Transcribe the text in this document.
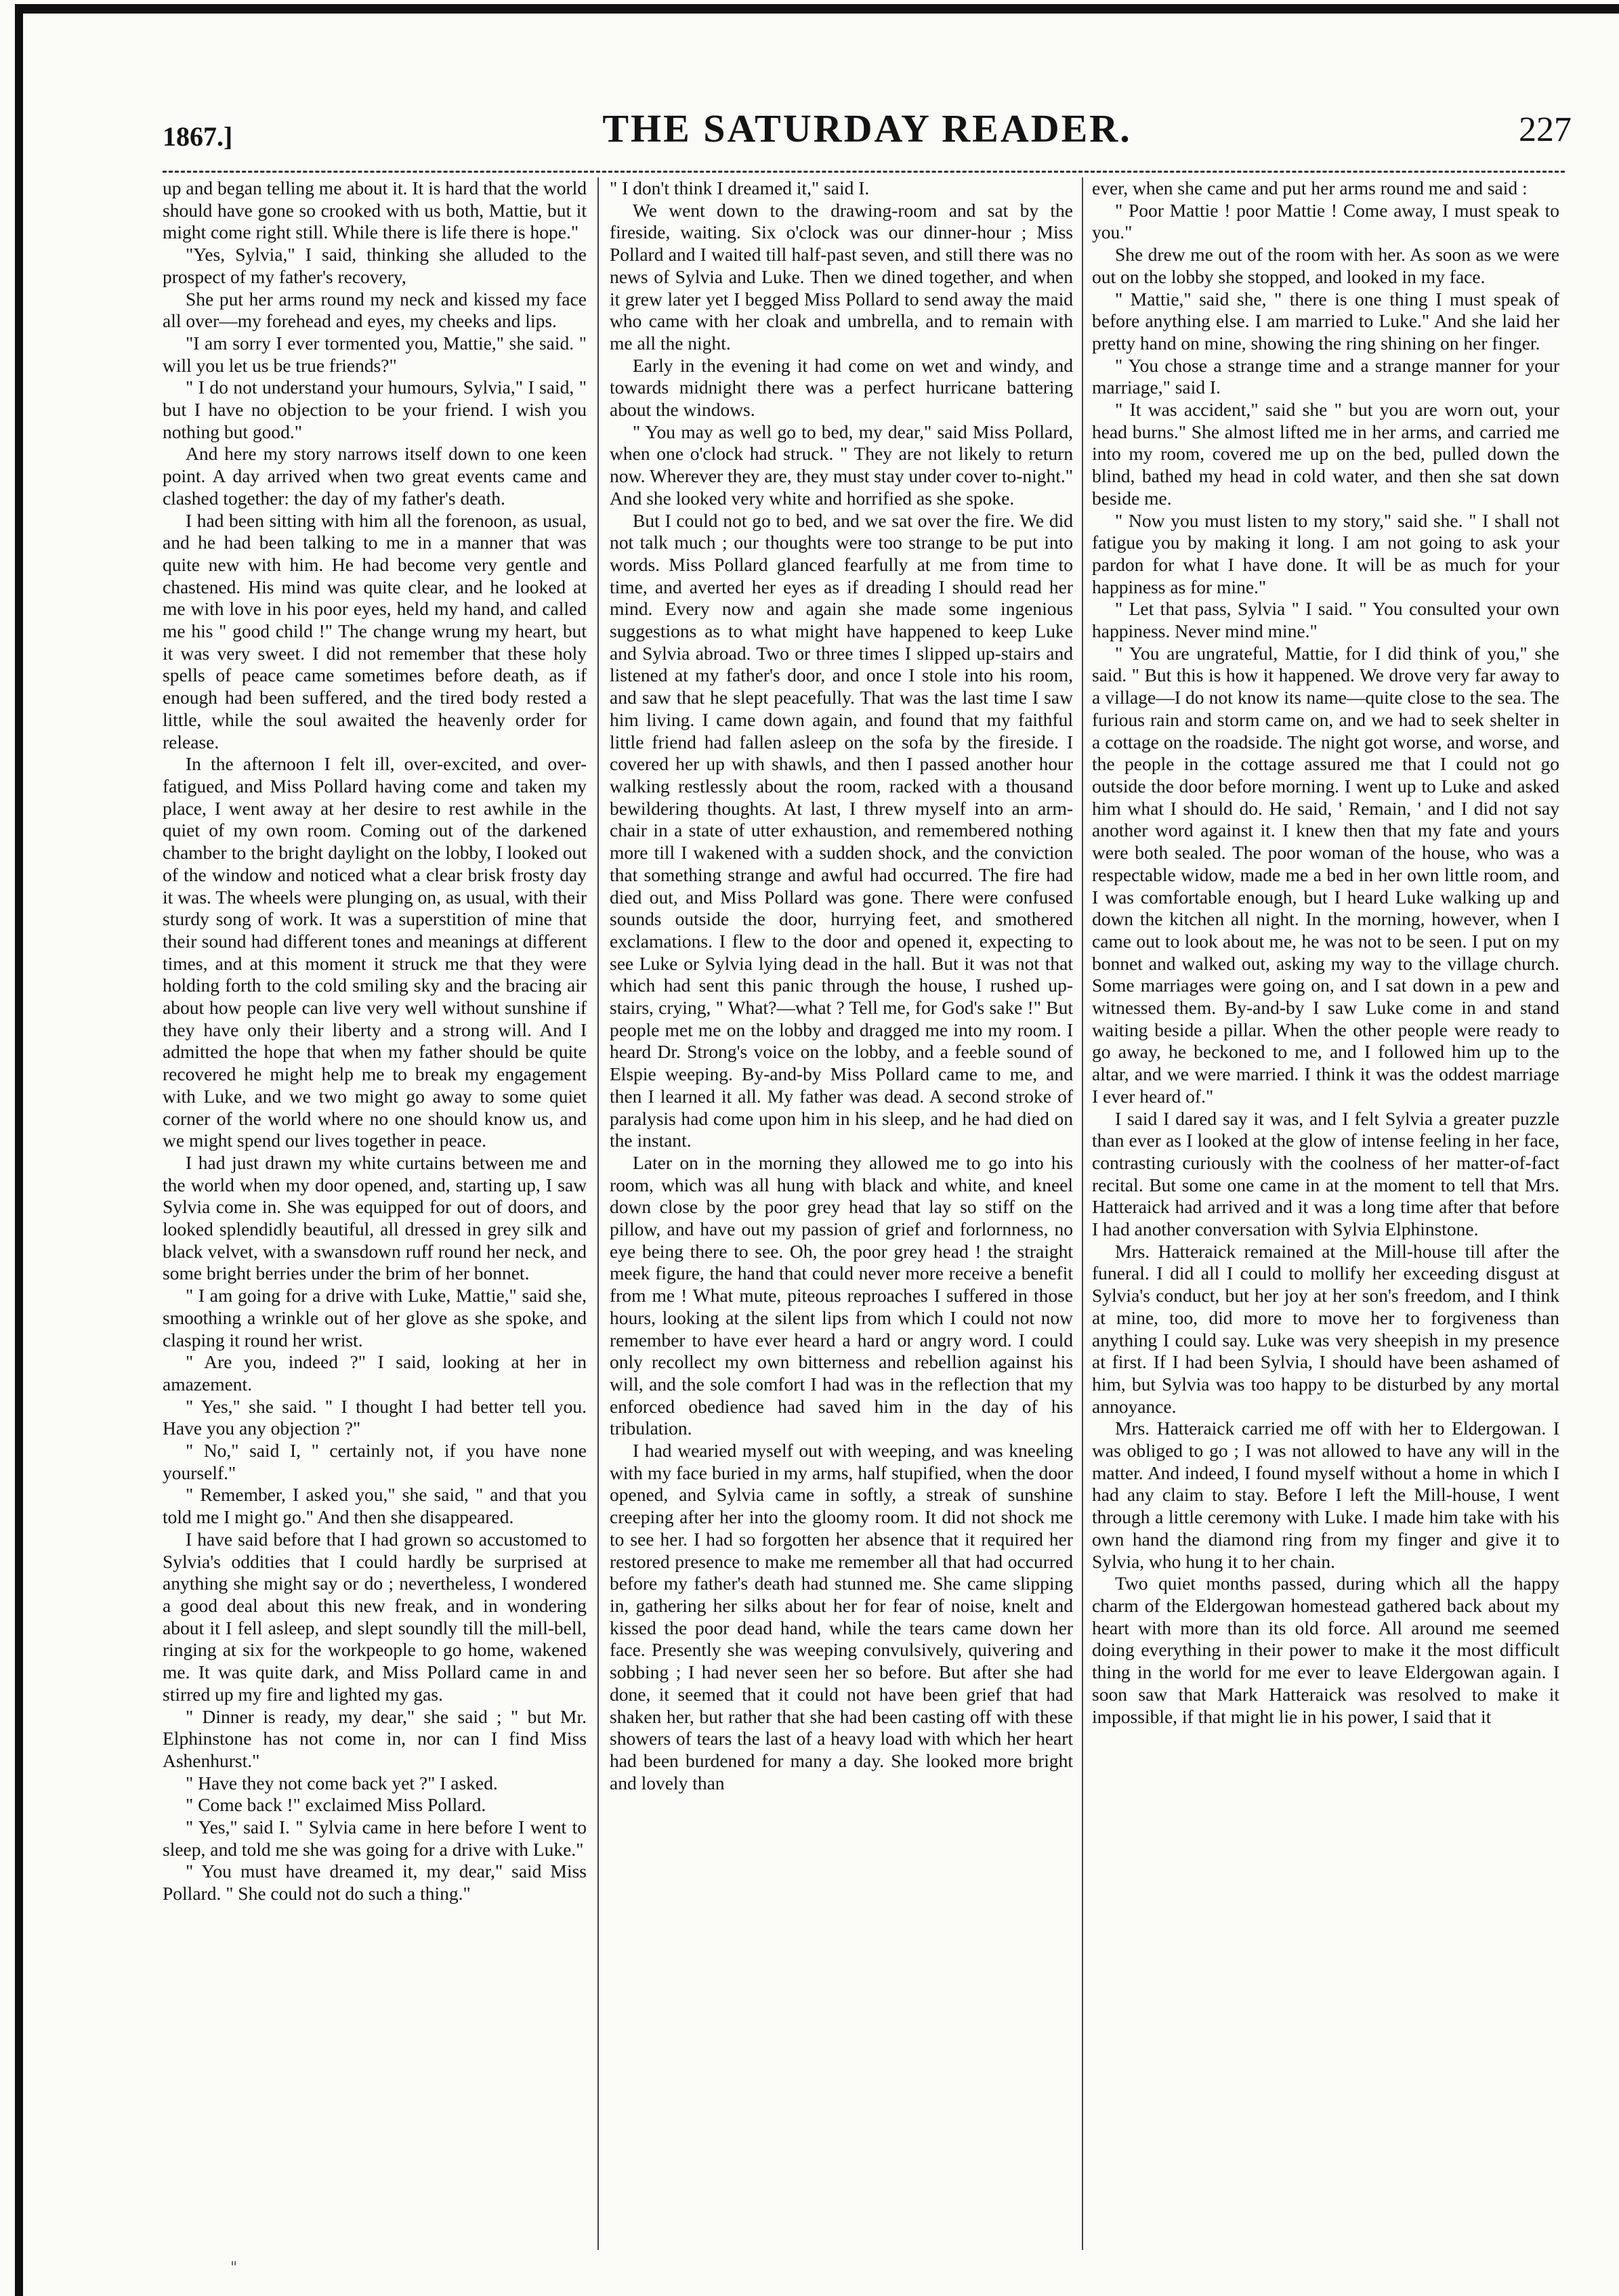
1867.]	THE SATURDAY READER.	227

up and began telling me about it. It is hard that the world should have gone so crooked with us both, Mattie, but it might come right still. While there is life there is hope."

"Yes, Sylvia," I said, thinking she alluded to the prospect of my father's recovery,

She put her arms round my neck and kissed my face all over—my forehead and eyes, my cheeks and lips.

"I am sorry I ever tormented you, Mattie," she said. " will you let us be true friends?"

" I do not understand your humours, Sylvia," I said, " but I have no objection to be your friend. I wish you nothing but good."

And here my story narrows itself down to one keen point. A day arrived when two great events came and clashed together: the day of my father's death.

I had been sitting with him all the forenoon, as usual, and he had been talking to me in a manner that was quite new with him. He had become very gentle and chastened. His mind was quite clear, and he looked at me with love in his poor eyes, held my hand, and called me his " good child !" The change wrung my heart, but it was very sweet. I did not remember that these holy spells of peace came sometimes before death, as if enough had been suffered, and the tired body rested a little, while the soul awaited the heavenly order for release.

In the afternoon I felt ill, over-excited, and over-fatigued, and Miss Pollard having come and taken my place, I went away at her desire to rest awhile in the quiet of my own room. Coming out of the darkened chamber to the bright daylight on the lobby, I looked out of the window and noticed what a clear brisk frosty day it was. The wheels were plunging on, as usual, with their sturdy song of work. It was a superstition of mine that their sound had different tones and meanings at different times, and at this moment it struck me that they were holding forth to the cold smiling sky and the bracing air about how people can live very well without sunshine if they have only their liberty and a strong will. And I admitted the hope that when my father should be quite recovered he might help me to break my engagement with Luke, and we two might go away to some quiet corner of the world where no one should know us, and we might spend our lives together in peace.

I had just drawn my white curtains between me and the world when my door opened, and, starting up, I saw Sylvia come in. She was equipped for out of doors, and looked splendidly beautiful, all dressed in grey silk and black velvet, with a swansdown ruff round her neck, and some bright berries under the brim of her bonnet.

" I am going for a drive with Luke, Mattie," said she, smoothing a wrinkle out of her glove as she spoke, and clasping it round her wrist.

" Are you, indeed ?" I said, looking at her in amazement.

" Yes," she said. " I thought I had better tell you. Have you any objection ?"

" No," said I, " certainly not, if you have none yourself."

" Remember, I asked you," she said, " and that you told me I might go." And then she disappeared.

I have said before that I had grown so accustomed to Sylvia's oddities that I could hardly be surprised at anything she might say or do ; nevertheless, I wondered a good deal about this new freak, and in wondering about it I fell asleep, and slept soundly till the mill-bell, ringing at six for the workpeople to go home, wakened me. It was quite dark, and Miss Pollard came in and stirred up my fire and lighted my gas.

" Dinner is ready, my dear," she said ; " but Mr. Elphinstone has not come in, nor can I find Miss Ashenhurst."

" Have they not come back yet ?" I asked.

" Come back !" exclaimed Miss Pollard.

" Yes," said I. " Sylvia came in here before I went to sleep, and told me she was going for a drive with Luke."

" You must have dreamed it, my dear," said Miss Pollard. " She could not do such a thing."

" I don't think I dreamed it," said I.

We went down to the drawing-room and sat by the fireside, waiting. Six o'clock was our dinner-hour ; Miss Pollard and I waited till half-past seven, and still there was no news of Sylvia and Luke. Then we dined together, and when it grew later yet I begged Miss Pollard to send away the maid who came with her cloak and umbrella, and to remain with me all the night.

Early in the evening it had come on wet and windy, and towards midnight there was a perfect hurricane battering about the windows.

" You may as well go to bed, my dear," said Miss Pollard, when one o'clock had struck. " They are not likely to return now. Wherever they are, they must stay under cover to-night." And she looked very white and horrified as she spoke.

But I could not go to bed, and we sat over the fire. We did not talk much ; our thoughts were too strange to be put into words. Miss Pollard glanced fearfully at me from time to time, and averted her eyes as if dreading I should read her mind. Every now and again she made some ingenious suggestions as to what might have happened to keep Luke and Sylvia abroad. Two or three times I slipped up-stairs and listened at my father's door, and once I stole into his room, and saw that he slept peacefully. That was the last time I saw him living. I came down again, and found that my faithful little friend had fallen asleep on the sofa by the fireside. I covered her up with shawls, and then I passed another hour walking restlessly about the room, racked with a thousand bewildering thoughts. At last, I threw myself into an arm-chair in a state of utter exhaustion, and remembered nothing more till I wakened with a sudden shock, and the conviction that something strange and awful had occurred. The fire had died out, and Miss Pollard was gone. There were confused sounds outside the door, hurrying feet, and smothered exclamations. I flew to the door and opened it, expecting to see Luke or Sylvia lying dead in the hall. But it was not that which had sent this panic through the house, I rushed up-stairs, crying, " What?—what ? Tell me, for God's sake !" But people met me on the lobby and dragged me into my room. I heard Dr. Strong's voice on the lobby, and a feeble sound of Elspie weeping. By-and-by Miss Pollard came to me, and then I learned it all. My father was dead. A second stroke of paralysis had come upon him in his sleep, and he had died on the instant.

Later on in the morning they allowed me to go into his room, which was all hung with black and white, and kneel down close by the poor grey head that lay so stiff on the pillow, and have out my passion of grief and forlornness, no eye being there to see. Oh, the poor grey head ! the straight meek figure, the hand that could never more receive a benefit from me ! What mute, piteous reproaches I suffered in those hours, looking at the silent lips from which I could not now remember to have ever heard a hard or angry word. I could only recollect my own bitterness and rebellion against his will, and the sole comfort I had was in the reflection that my enforced obedience had saved him in the day of his tribulation.

I had wearied myself out with weeping, and was kneeling with my face buried in my arms, half stupified, when the door opened, and Sylvia came in softly, a streak of sunshine creeping after her into the gloomy room. It did not shock me to see her. I had so forgotten her absence that it required her restored presence to make me remember all that had occurred before my father's death had stunned me. She came slipping in, gathering her silks about her for fear of noise, knelt and kissed the poor dead hand, while the tears came down her face. Presently she was weeping convulsively, quivering and sobbing ; I had never seen her so before. But after she had done, it seemed that it could not have been grief that had shaken her, but rather that she had been casting off with these showers of tears the last of a heavy load with which her heart had been burdened for many a day. She looked more bright and lovely than

ever, when she came and put her arms round me and said :

" Poor Mattie ! poor Mattie ! Come away, I must speak to you."

She drew me out of the room with her. As soon as we were out on the lobby she stopped, and looked in my face.

" Mattie," said she, " there is one thing I must speak of before anything else. I am married to Luke." And she laid her pretty hand on mine, showing the ring shining on her finger.

" You chose a strange time and a strange manner for your marriage," said I.

" It was accident," said she " but you are worn out, your head burns." She almost lifted me in her arms, and carried me into my room, covered me up on the bed, pulled down the blind, bathed my head in cold water, and then she sat down beside me.

" Now you must listen to my story," said she. " I shall not fatigue you by making it long. I am not going to ask your pardon for what I have done. It will be as much for your happiness as for mine."

" Let that pass, Sylvia " I said. " You consulted your own happiness. Never mind mine."

" You are ungrateful, Mattie, for I did think of you," she said. " But this is how it happened. We drove very far away to a village—I do not know its name—quite close to the sea. The furious rain and storm came on, and we had to seek shelter in a cottage on the roadside. The night got worse, and worse, and the people in the cottage assured me that I could not go outside the door before morning. I went up to Luke and asked him what I should do. He said, ' Remain, ' and I did not say another word against it. I knew then that my fate and yours were both sealed. The poor woman of the house, who was a respectable widow, made me a bed in her own little room, and I was comfortable enough, but I heard Luke walking up and down the kitchen all night. In the morning, however, when I came out to look about me, he was not to be seen. I put on my bonnet and walked out, asking my way to the village church. Some marriages were going on, and I sat down in a pew and witnessed them. By-and-by I saw Luke come in and stand waiting beside a pillar. When the other people were ready to go away, he beckoned to me, and I followed him up to the altar, and we were married. I think it was the oddest marriage I ever heard of."

I said I dared say it was, and I felt Sylvia a greater puzzle than ever as I looked at the glow of intense feeling in her face, contrasting curiously with the coolness of her matter-of-fact recital. But some one came in at the moment to tell that Mrs. Hatteraick had arrived and it was a long time after that before I had another conversation with Sylvia Elphinstone.

Mrs. Hatteraick remained at the Mill-house till after the funeral. I did all I could to mollify her exceeding disgust at Sylvia's conduct, but her joy at her son's freedom, and I think at mine, too, did more to move her to forgiveness than anything I could say. Luke was very sheepish in my presence at first. If I had been Sylvia, I should have been ashamed of him, but Sylvia was too happy to be disturbed by any mortal annoyance.

Mrs. Hatteraick carried me off with her to Eldergowan. I was obliged to go ; I was not allowed to have any will in the matter. And indeed, I found myself without a home in which I had any claim to stay. Before I left the Mill-house, I went through a little ceremony with Luke. I made him take with his own hand the diamond ring from my finger and give it to Sylvia, who hung it to her chain.

Two quiet months passed, during which all the happy charm of the Eldergowan homestead gathered back about my heart with more than its old force. All around me seemed doing everything in their power to make it the most difficult thing in the world for me ever to leave Eldergowan again. I soon saw that Mark Hatteraick was resolved to make it impossible, if that might lie in his power, I said that it

"
